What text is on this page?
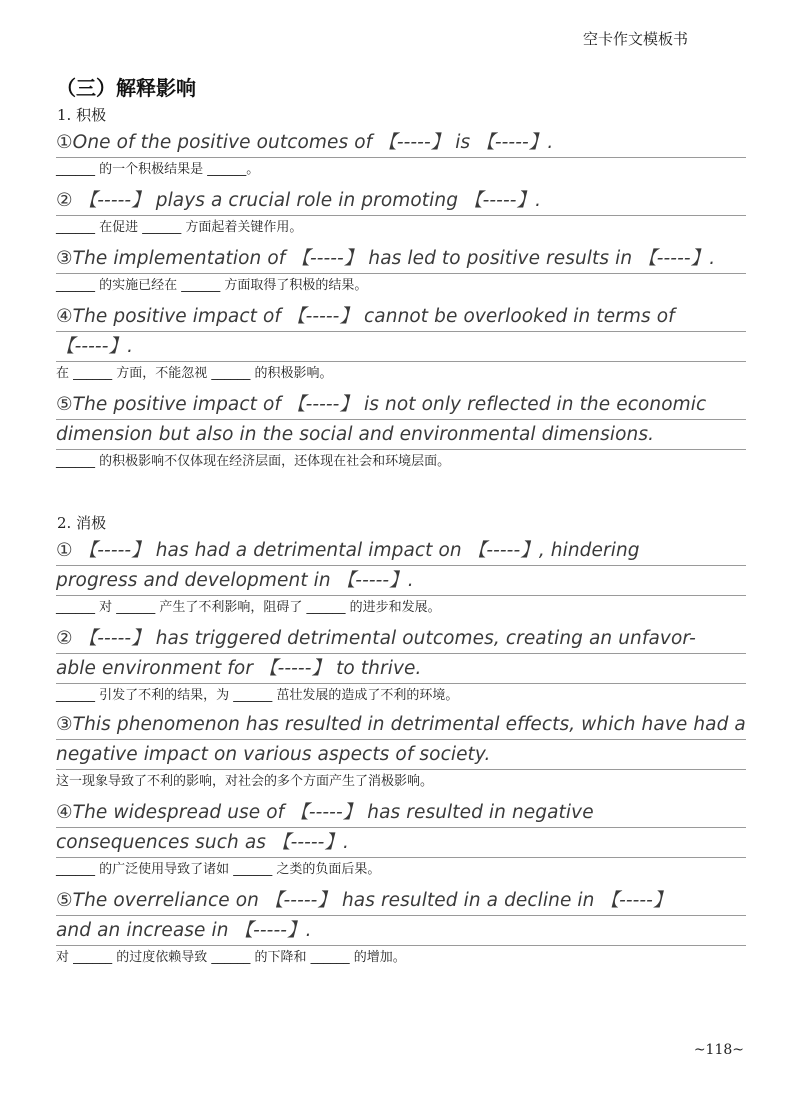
空卡作文模板书
（三）解释影响
1. 积极
①One of the positive outcomes of 【-----】 is 【-----】.
______ 的一个积极结果是 ______。
② 【-----】 plays a crucial role in promoting 【-----】.
______ 在促进 ______ 方面起着关键作用。
③The implementation of 【-----】 has led to positive results in 【-----】.
______ 的实施已经在 ______ 方面取得了积极的结果。
④The positive impact of 【-----】 cannot be overlooked in terms of
【-----】.
在 ______ 方面，不能忽视 ______ 的积极影响。
⑤The positive impact of 【-----】 is not only reflected in the economic
dimension but also in the social and environmental dimensions.
______ 的积极影响不仅体现在经济层面，还体现在社会和环境层面。
2. 消极
① 【-----】 has had a detrimental impact on 【-----】, hindering
progress and development in 【-----】.
______ 对 ______ 产生了不利影响，阻碍了 ______ 的进步和发展。
② 【-----】 has triggered detrimental outcomes, creating an unfavor-
able environment for 【-----】 to thrive.
______ 引发了不利的结果，为 ______ 茁壮发展的造成了不利的环境。
③This phenomenon has resulted in detrimental effects, which have had a
negative impact on various aspects of society.
这一现象导致了不利的影响，对社会的多个方面产生了消极影响。
④The widespread use of 【-----】 has resulted in negative
consequences such as 【-----】.
______ 的广泛使用导致了诸如 ______ 之类的负面后果。
⑤The overreliance on 【-----】 has resulted in a decline in 【-----】
and an increase in 【-----】.
对 ______ 的过度依赖导致 ______ 的下降和 ______ 的增加。
~118~
